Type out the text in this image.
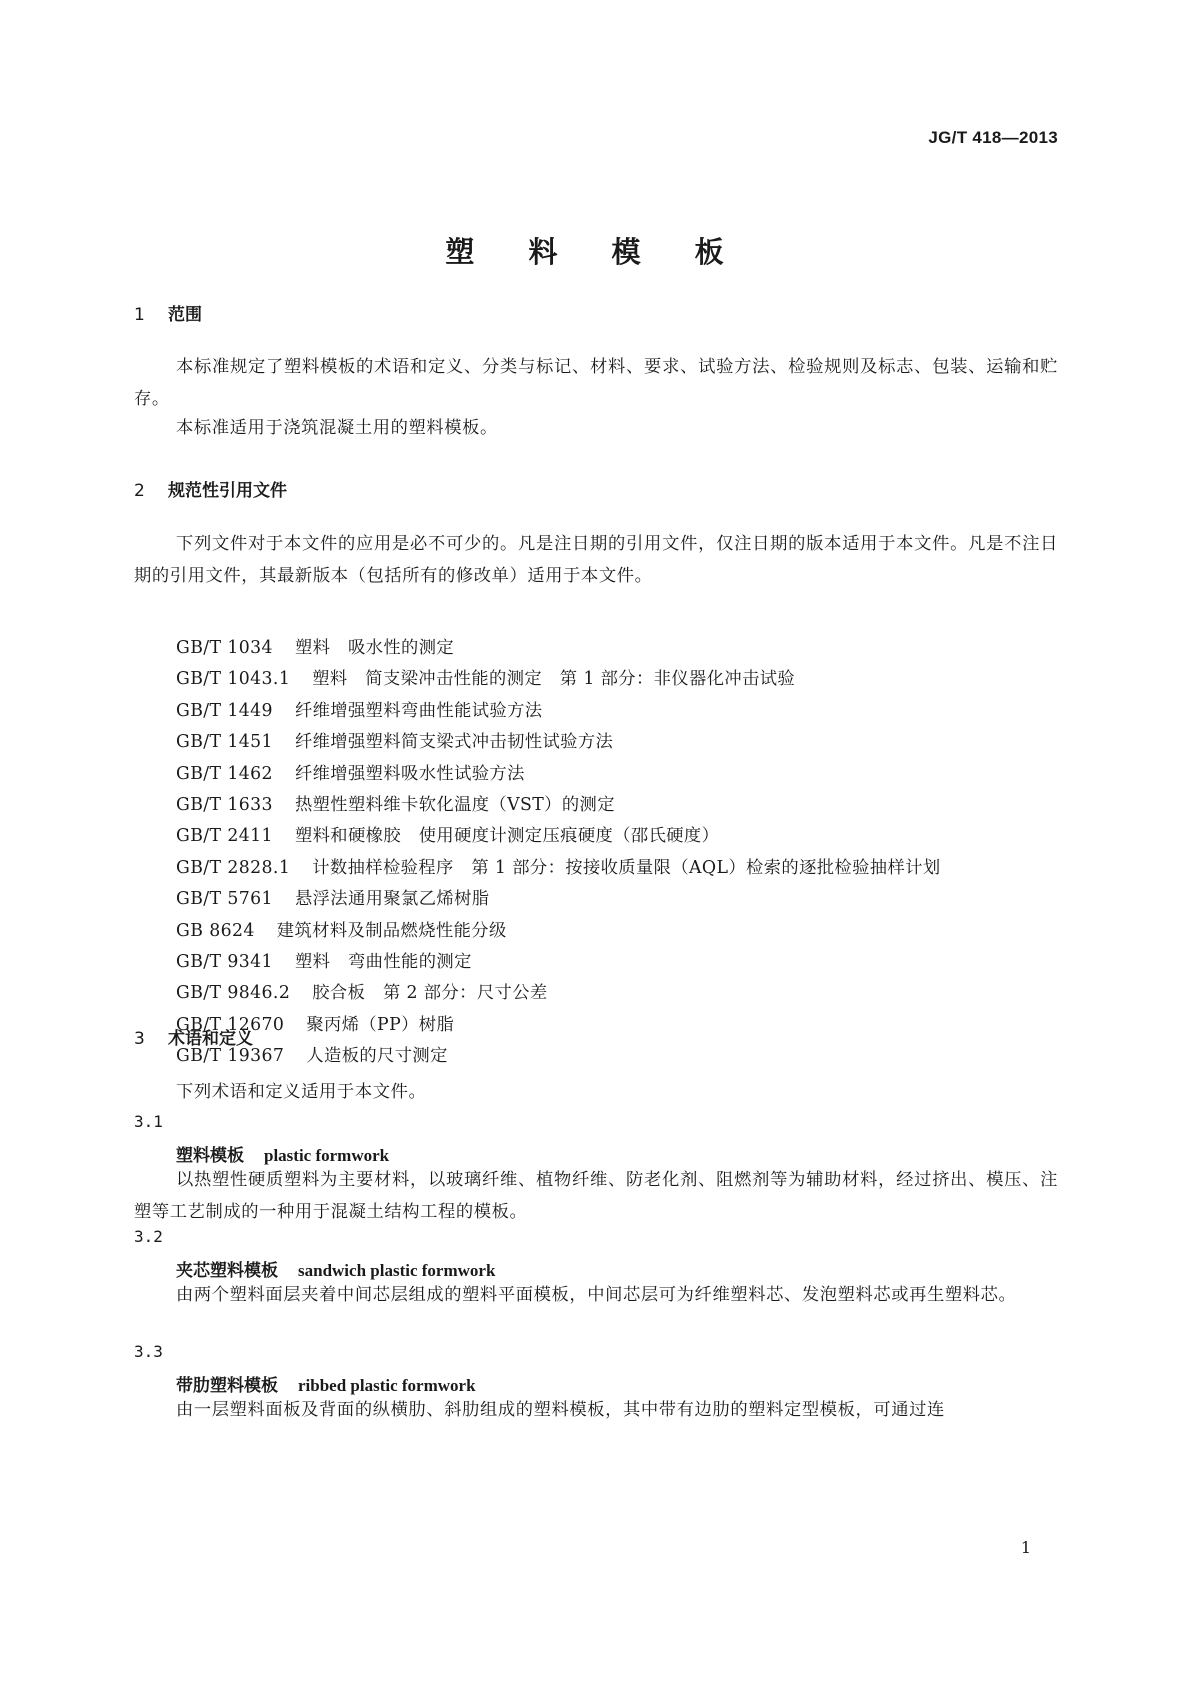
JG/T 418—2013
塑 料 模 板
1 范围
本标准规定了塑料模板的术语和定义、分类与标记、材料、要求、试验方法、检验规则及标志、包装、运输和贮存。
本标准适用于浇筑混凝土用的塑料模板。
2 规范性引用文件
下列文件对于本文件的应用是必不可少的。凡是注日期的引用文件，仅注日期的版本适用于本文件。凡是不注日期的引用文件，其最新版本（包括所有的修改单）适用于本文件。
GB/T 1034 塑料　吸水性的测定
GB/T 1043.1 塑料　简支梁冲击性能的测定　第 1 部分：非仪器化冲击试验
GB/T 1449 纤维增强塑料弯曲性能试验方法
GB/T 1451 纤维增强塑料简支梁式冲击韧性试验方法
GB/T 1462 纤维增强塑料吸水性试验方法
GB/T 1633 热塑性塑料维卡软化温度（VST）的测定
GB/T 2411 塑料和硬橡胶　使用硬度计测定压痕硬度（邵氏硬度）
GB/T 2828.1 计数抽样检验程序　第 1 部分：按接收质量限（AQL）检索的逐批检验抽样计划
GB/T 5761 悬浮法通用聚氯乙烯树脂
GB 8624 建筑材料及制品燃烧性能分级
GB/T 9341 塑料　弯曲性能的测定
GB/T 9846.2 胶合板　第 2 部分：尺寸公差
GB/T 12670 聚丙烯（PP）树脂
GB/T 19367 人造板的尺寸测定
3 术语和定义
下列术语和定义适用于本文件。
3.1
塑料模板 plastic formwork
以热塑性硬质塑料为主要材料，以玻璃纤维、植物纤维、防老化剂、阻燃剂等为辅助材料，经过挤出、模压、注塑等工艺制成的一种用于混凝土结构工程的模板。
3.2
夹芯塑料模板 sandwich plastic formwork
由两个塑料面层夹着中间芯层组成的塑料平面模板，中间芯层可为纤维塑料芯、发泡塑料芯或再生塑料芯。
3.3
带肋塑料模板 ribbed plastic formwork
由一层塑料面板及背面的纵横肋、斜肋组成的塑料模板，其中带有边肋的塑料定型模板，可通过连
1
